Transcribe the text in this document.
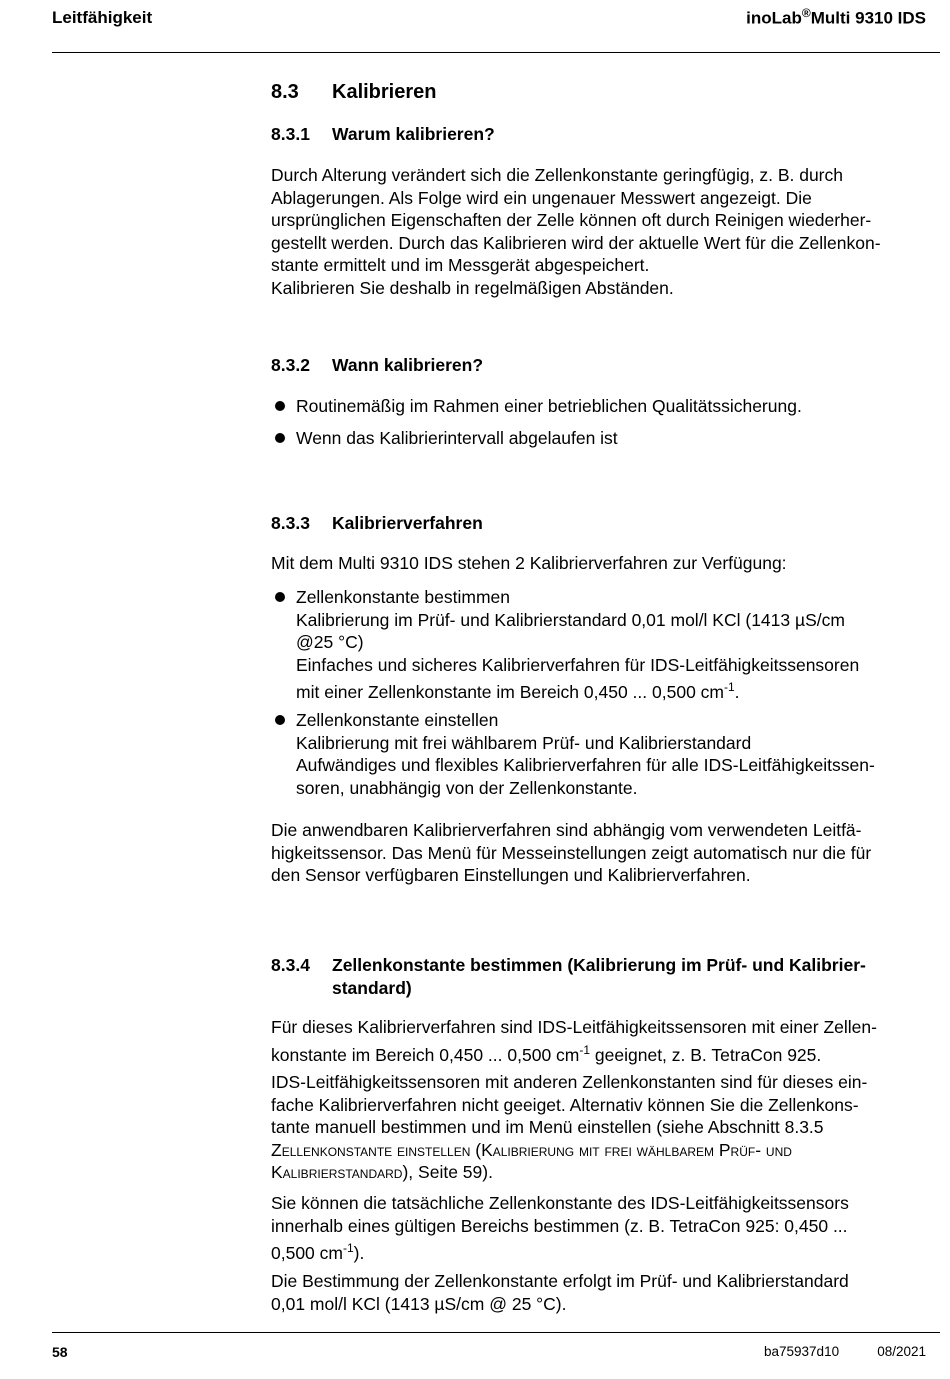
Leitfähigkeit	inoLab®Multi 9310 IDS
8.3	Kalibrieren
8.3.1	Warum kalibrieren?
Durch Alterung verändert sich die Zellenkonstante geringfügig, z. B. durch
Ablagerungen. Als Folge wird ein ungenauer Messwert angezeigt. Die
ursprünglichen Eigenschaften der Zelle können oft durch Reinigen wiederher-
gestellt werden. Durch das Kalibrieren wird der aktuelle Wert für die Zellenkon-
stante ermittelt und im Messgerät abgespeichert.
Kalibrieren Sie deshalb in regelmäßigen Abständen.
8.3.2	Wann kalibrieren?
Routinemäßig im Rahmen einer betrieblichen Qualitätssicherung.
Wenn das Kalibrierintervall abgelaufen ist
8.3.3	Kalibrierverfahren
Mit dem Multi 9310 IDS stehen 2 Kalibrierverfahren zur Verfügung:
Zellenkonstante bestimmen
Kalibrierung im Prüf- und Kalibrierstandard 0,01 mol/l KCl (1413 µS/cm
@25 °C)
Einfaches und sicheres Kalibrierverfahren für IDS-Leitfähigkeitssensoren
mit einer Zellenkonstante im Bereich 0,450 ... 0,500 $cm^{-1}$.
Zellenkonstante einstellen
Kalibrierung mit frei wählbarem Prüf- und Kalibrierstandard
Aufwändiges und flexibles Kalibrierverfahren für alle IDS-Leitfähigkeitssen-
soren, unabhängig von der Zellenkonstante.
Die anwendbaren Kalibrierverfahren sind abhängig vom verwendeten Leitfä-
higkeitssensor. Das Menü für Messeinstellungen zeigt automatisch nur die für
den Sensor verfügbaren Einstellungen und Kalibrierverfahren.
8.3.4	Zellenkonstante bestimmen (Kalibrierung im Prüf- und Kalibrier-
standard)
Für dieses Kalibrierverfahren sind IDS-Leitfähigkeitssensoren mit einer Zellen-
konstante im Bereich 0,450 ... 0,500 $cm^{-1}$ geeignet, z. B. TetraCon 925.
IDS-Leitfähigkeitssensoren mit anderen Zellenkonstanten sind für dieses ein-
fache Kalibrierverfahren nicht geeiget. Alternativ können Sie die Zellenkons-
tante manuell bestimmen und im Menü einstellen (siehe Abschnitt 8.3.5
Zellenkonstante einstellen (Kalibrierung mit frei wählbarem Prüf- und
Kalibrierstandard), Seite 59).
Sie können die tatsächliche Zellenkonstante des IDS-Leitfähigkeitssensors
innerhalb eines gültigen Bereichs bestimmen (z. B. TetraCon 925: 0,450 ...
0,500 $cm^{-1}$).
Die Bestimmung der Zellenkonstante erfolgt im Prüf- und Kalibrierstandard
0,01 mol/l KCl (1413 µS/cm @ 25 °C).
58	ba75937d10	08/2021
